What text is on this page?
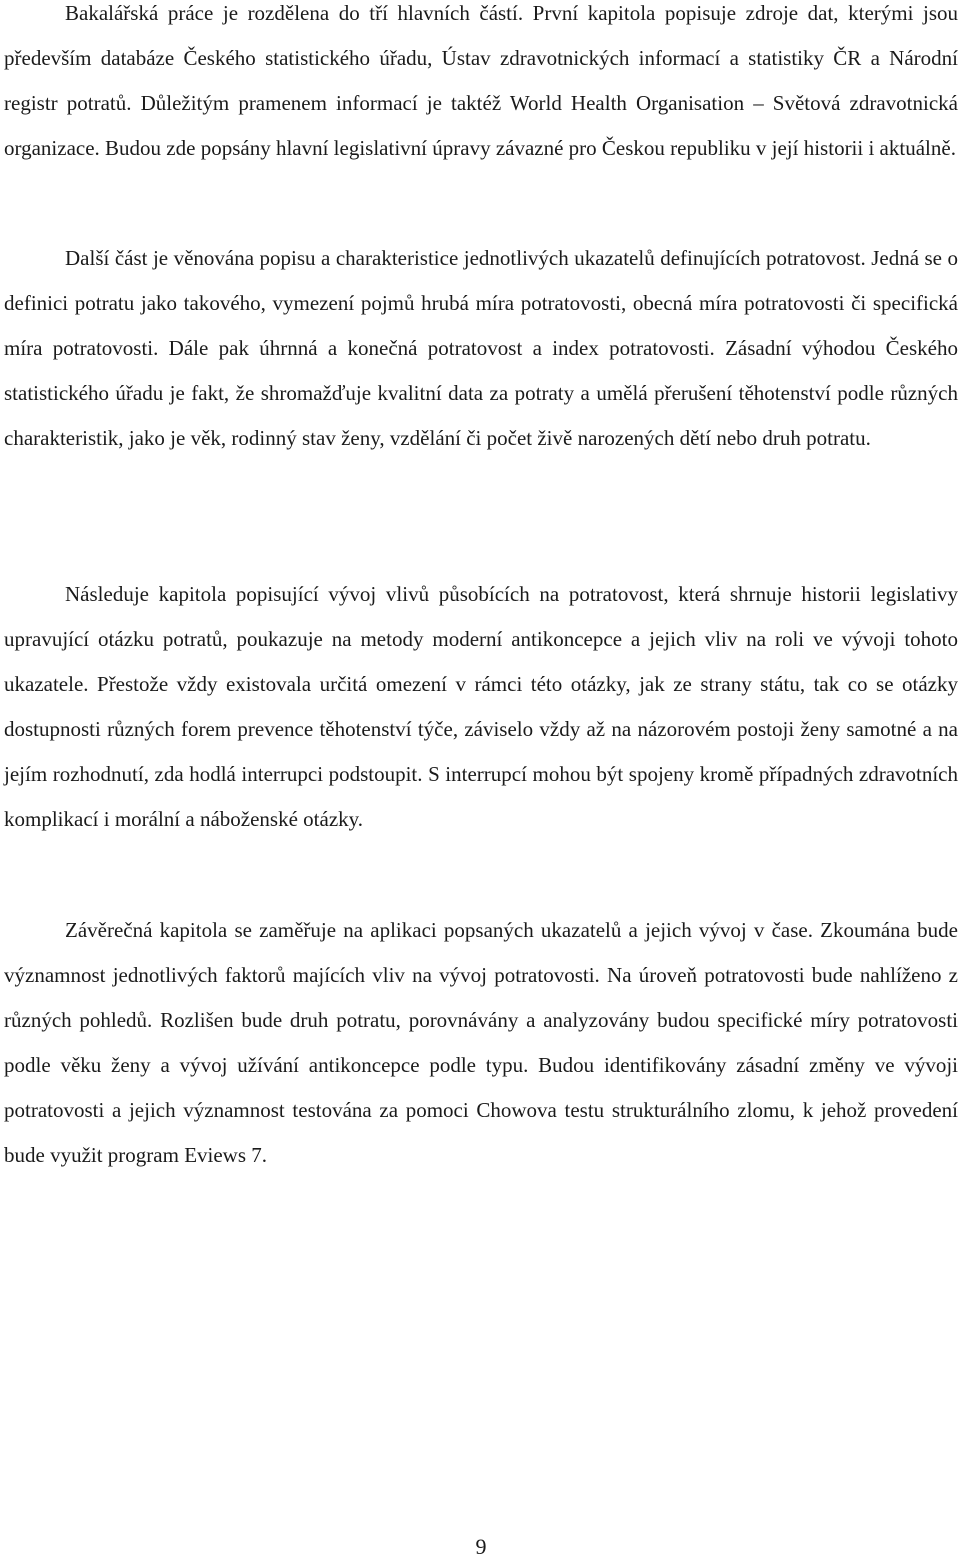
Bakalářská práce je rozdělena do tří hlavních částí. První kapitola popisuje zdroje dat, kterými jsou především databáze Českého statistického úřadu, Ústav zdravotnických informací a statistiky ČR a Národní registr potratů. Důležitým pramenem informací je taktéž World Health Organisation – Světová zdravotnická organizace. Budou zde popsány hlavní legislativní úpravy závazné pro Českou republiku v její historii i aktuálně.

Další část je věnována popisu a charakteristice jednotlivých ukazatelů definujících potratovost. Jedná se o definici potratu jako takového, vymezení pojmů hrubá míra potratovosti, obecná míra potratovosti či specifická míra potratovosti. Dále pak úhrnná a konečná potratovost a index potratovosti. Zásadní výhodou Českého statistického úřadu je fakt, že shromažďuje kvalitní data za potraty a umělá přerušení těhotenství podle různých charakteristik, jako je věk, rodinný stav ženy, vzdělání či počet živě narozených dětí nebo druh potratu.

Následuje kapitola popisující vývoj vlivů působících na potratovost, která shrnuje historii legislativy upravující otázku potratů, poukazuje na metody moderní antikoncepce a jejich vliv na roli ve vývoji tohoto ukazatele. Přestože vždy existovala určitá omezení v rámci této otázky, jak ze strany státu, tak co se otázky dostupnosti různých forem prevence těhotenství týče, záviselo vždy až na názorovém postoji ženy samotné a na jejím rozhodnutí, zda hodlá interrupci podstoupit. S interrupcí mohou být spojeny kromě případných zdravotních komplikací i morální a náboženské otázky.

Závěrečná kapitola se zaměřuje na aplikaci popsaných ukazatelů a jejich vývoj v čase. Zkoumána bude významnost jednotlivých faktorů majících vliv na vývoj potratovosti. Na úroveň potratovosti bude nahlíženo z různých pohledů. Rozlišen bude druh potratu, porovnávány a analyzovány budou specifické míry potratovosti podle věku ženy a vývoj užívání antikoncepce podle typu. Budou identifikovány zásadní změny ve vývoji potratovosti a jejich významnost testována za pomoci Chowova testu strukturálního zlomu, k jehož provedení bude využit program Eviews 7.

9
